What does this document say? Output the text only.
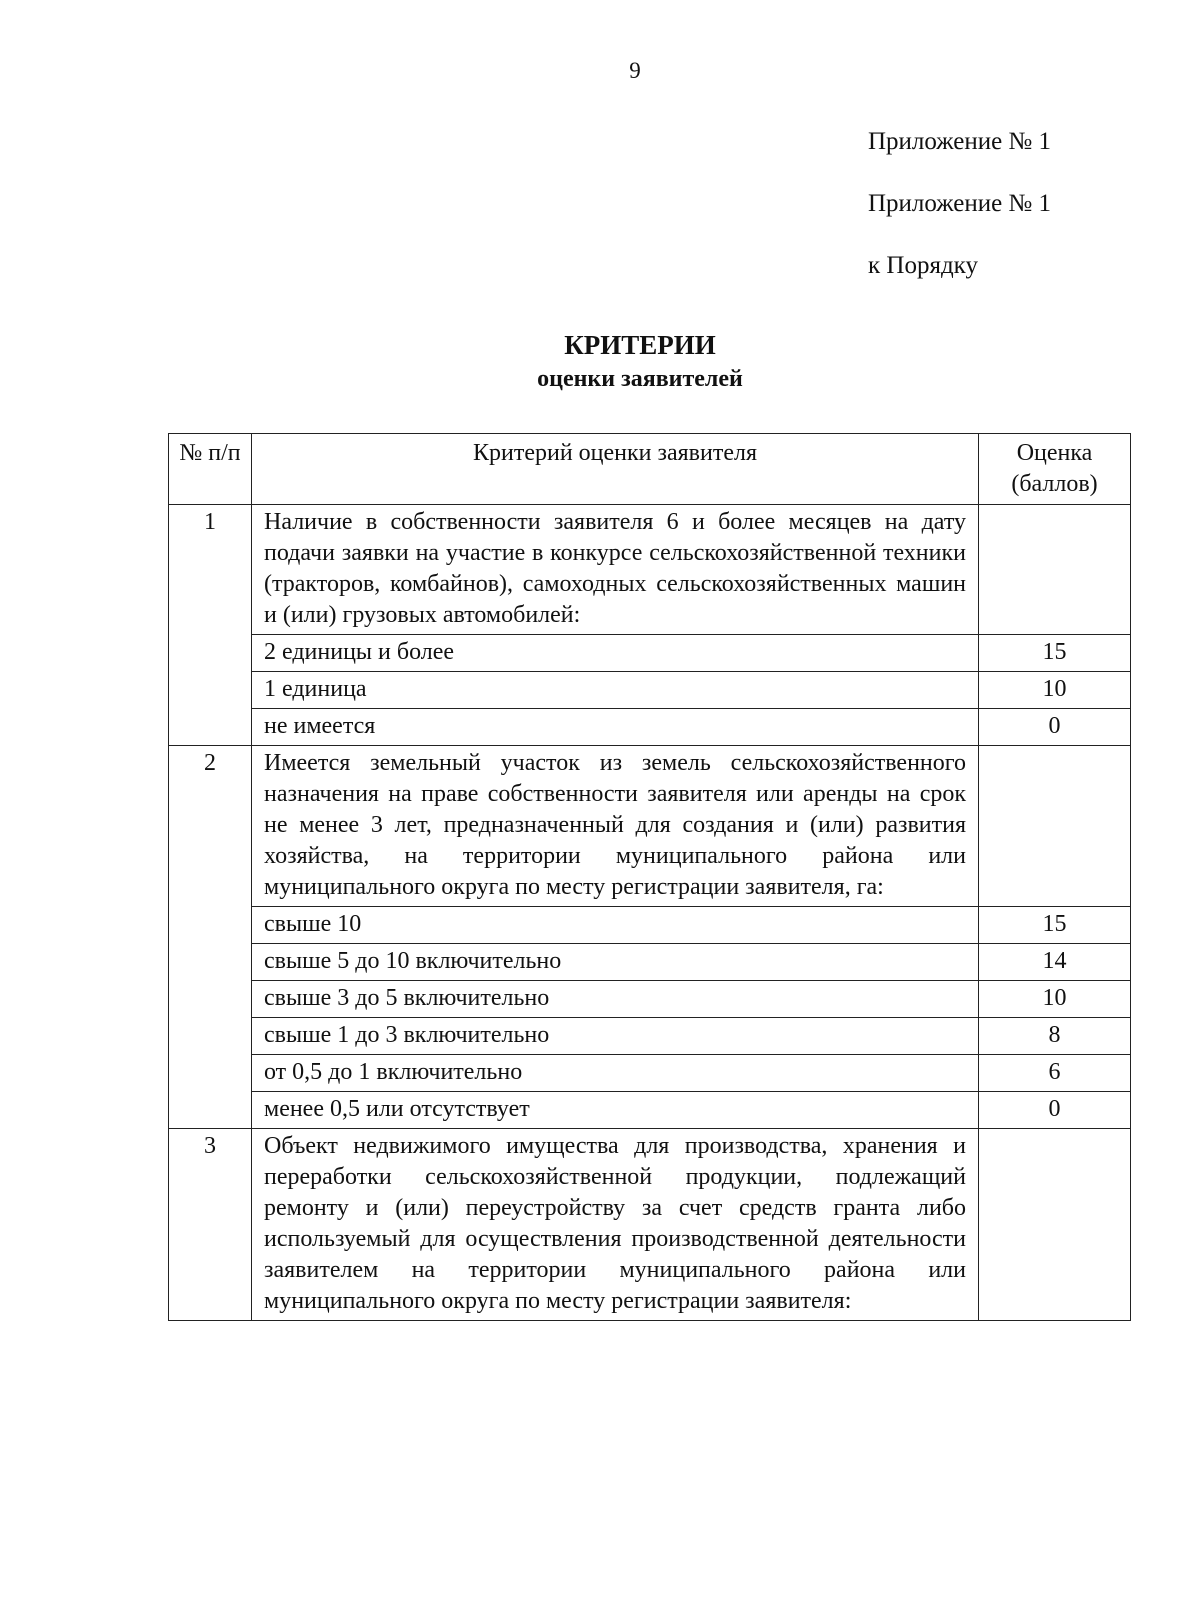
9
Приложение № 1
Приложение № 1
к Порядку
КРИТЕРИИ
оценки заявителей
№ п/п	Критерий оценки заявителя	Оценка (баллов)
1	Наличие в собственности заявителя 6 и более месяцев на дату подачи заявки на участие в конкурсе сельскохозяйственной техники (тракторов, комбайнов), самоходных сельскохозяйственных машин и (или) грузовых автомобилей:	
	2 единицы и более	15
	1 единица	10
	не имеется	0
2	Имеется земельный участок из земель сельскохозяйственного назначения на праве собственности заявителя или аренды на срок не менее 3 лет, предназначенный для создания и (или) развития хозяйства, на территории муниципального района или муниципального округа по месту регистрации заявителя, га:	
	свыше 10	15
	свыше 5 до 10 включительно	14
	свыше 3 до 5 включительно	10
	свыше 1 до 3 включительно	8
	от 0,5 до 1 включительно	6
	менее 0,5 или отсутствует	0
3	Объект недвижимого имущества для производства, хранения и переработки сельскохозяйственной продукции, подлежащий ремонту и (или) переустройству за счет средств гранта либо используемый для осуществления производственной деятельности заявителем на территории муниципального района или муниципального округа по месту регистрации заявителя:	
